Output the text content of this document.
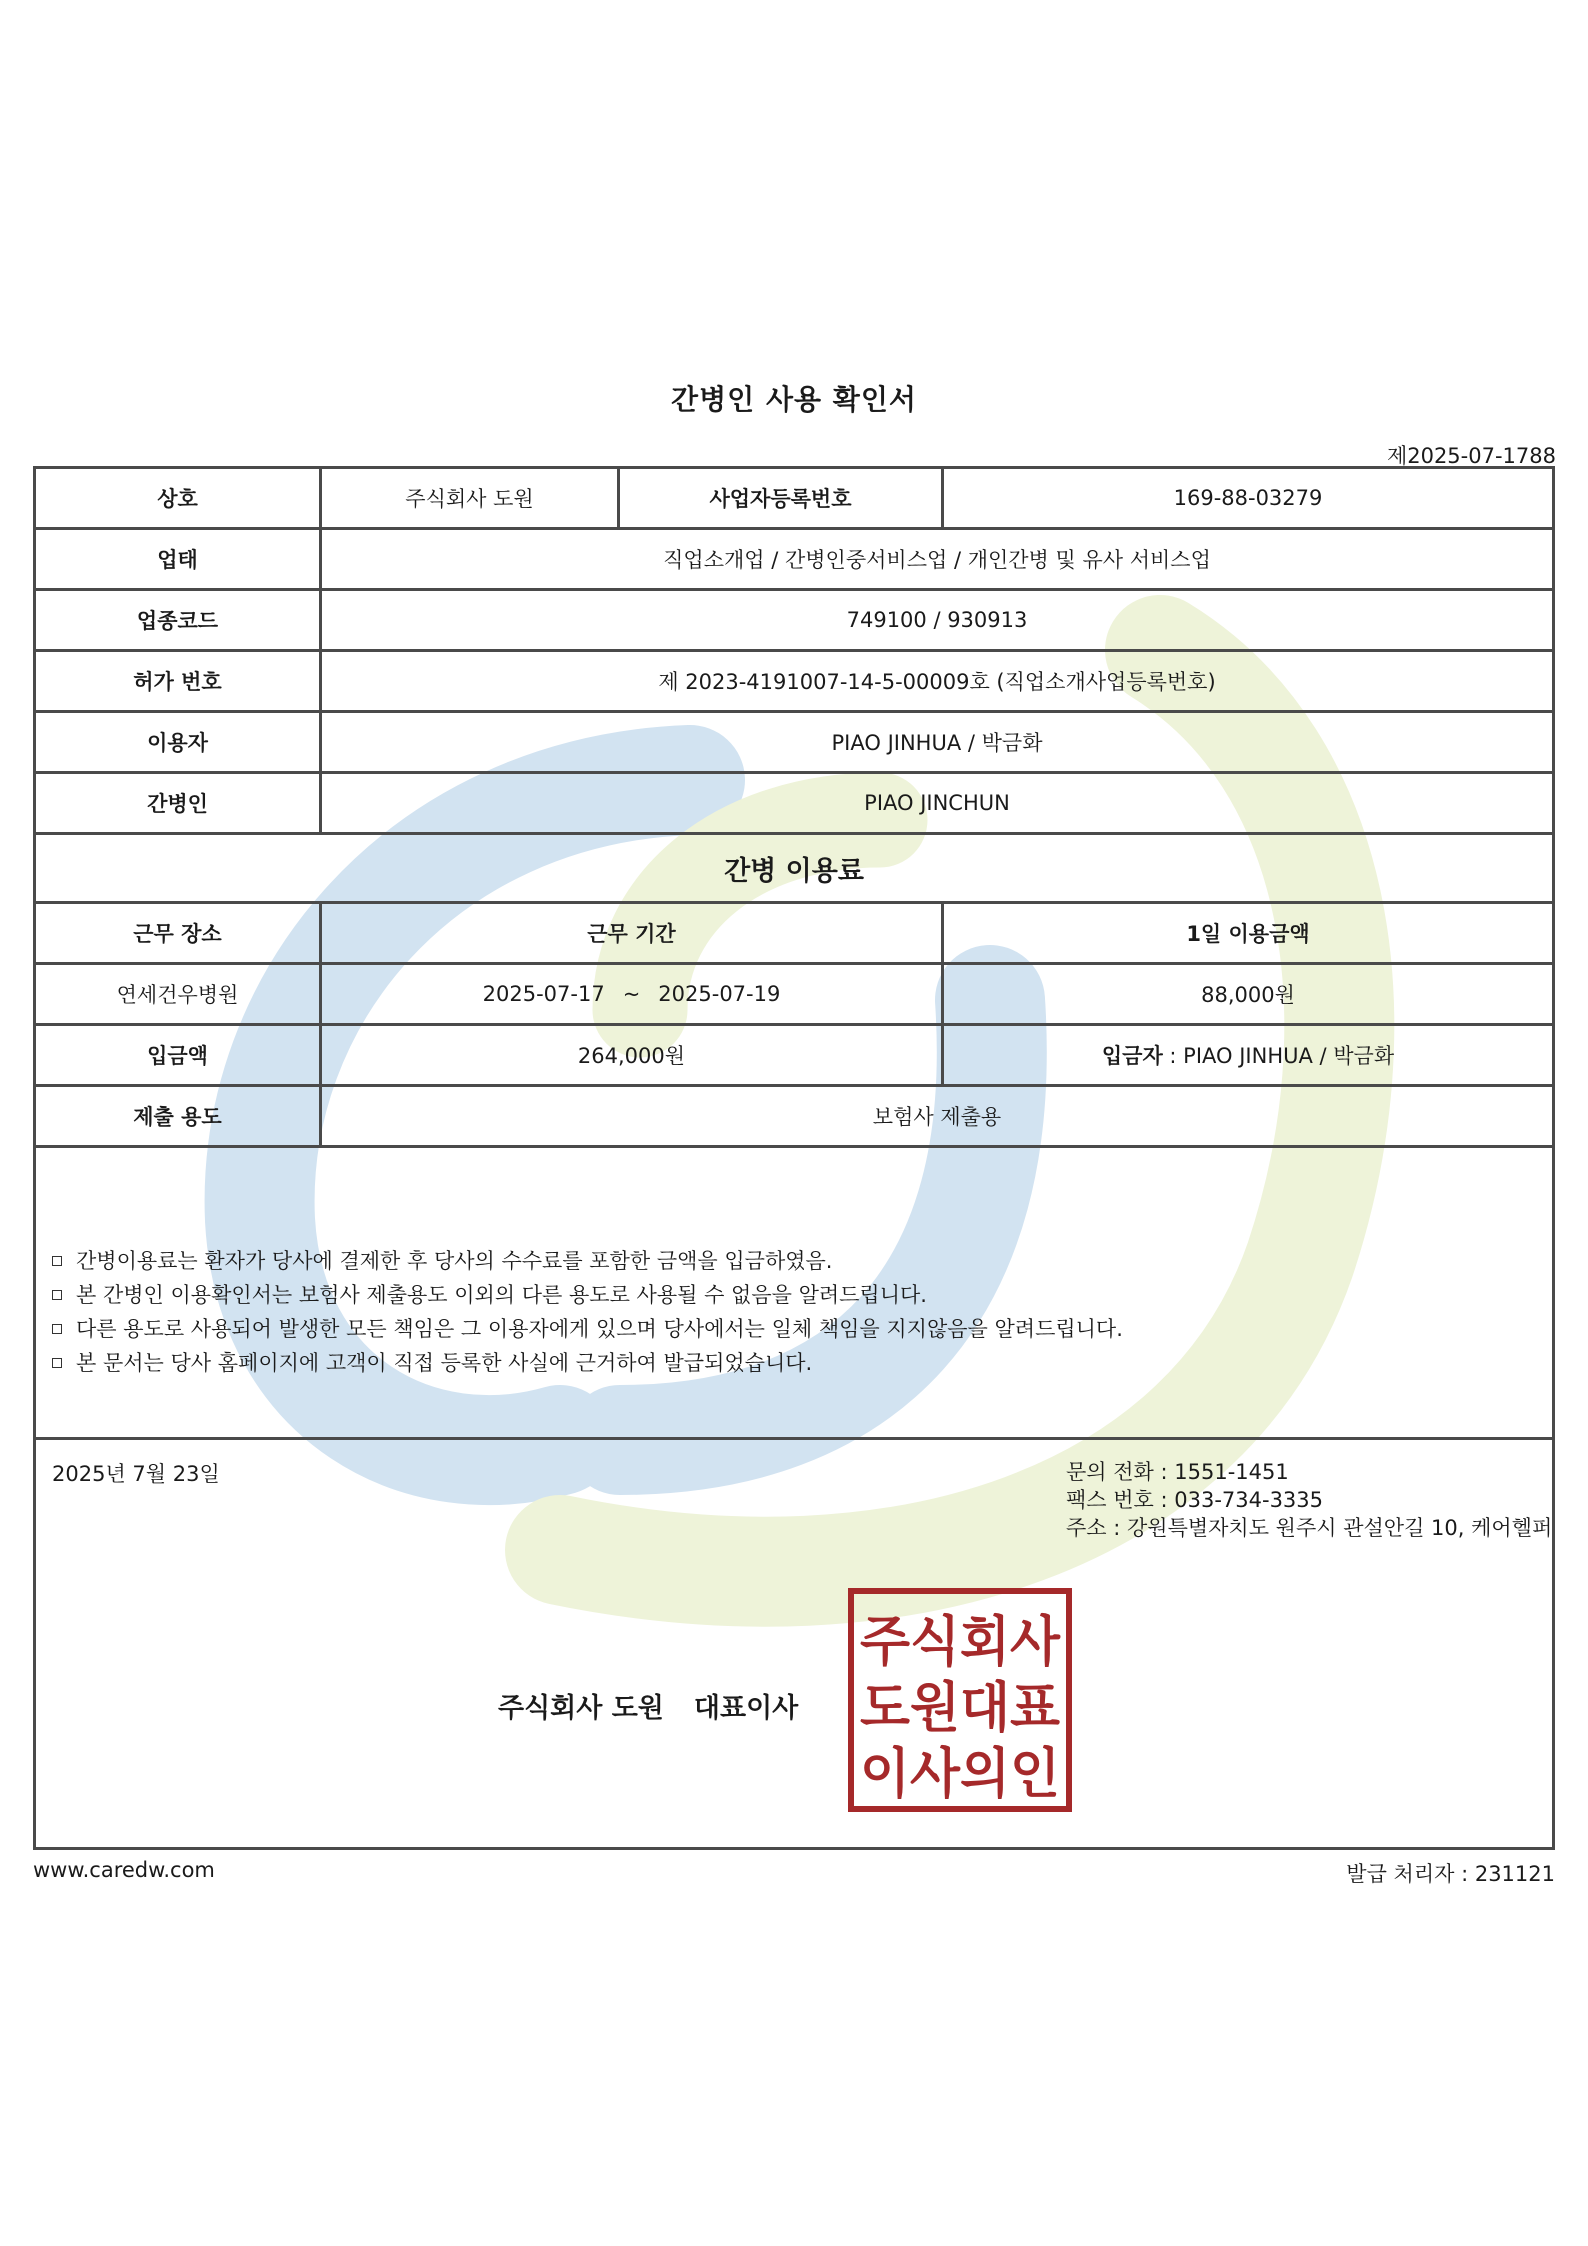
간병인 사용 확인서
제2025-07-1788
상호	주식회사 도원	사업자등록번호	169-88-03279
업태	직업소개업 / 간병인중서비스업 / 개인간병 및 유사 서비스업
업종코드	749100 / 930913
허가 번호	제 2023-4191007-14-5-00009호 (직업소개사업등록번호)
이용자	PIAO JINHUA / 박금화
간병인	PIAO JINCHUN
간병 이용료
근무 장소	근무 기간	1일 이용금액
연세건우병원	2025-07-17 ~ 2025-07-19	88,000원
입금액	264,000원	입금자 : PIAO JINHUA / 박금화
제출 용도	보험사 제출용
간병이용료는 환자가 당사에 결제한 후 당사의 수수료를 포함한 금액을 입금하였음.
본 간병인 이용확인서는 보험사 제출용도 이외의 다른 용도로 사용될 수 없음을 알려드립니다.
다른 용도로 사용되어 발생한 모든 책임은 그 이용자에게 있으며 당사에서는 일체 책임을 지지않음을 알려드립니다.
본 문서는 당사 홈페이지에 고객이 직접 등록한 사실에 근거하여 발급되었습니다.
2025년 7월 23일	문의 전화 : 1551-1451
팩스 번호 : 033-734-3335
주소 : 강원특별자치도 원주시 관설안길 10, 케어헬퍼
주식회사 도원 대표이사
주식회사
도원대표
이사의인
www.caredw.com	발급 처리자 : 231121
